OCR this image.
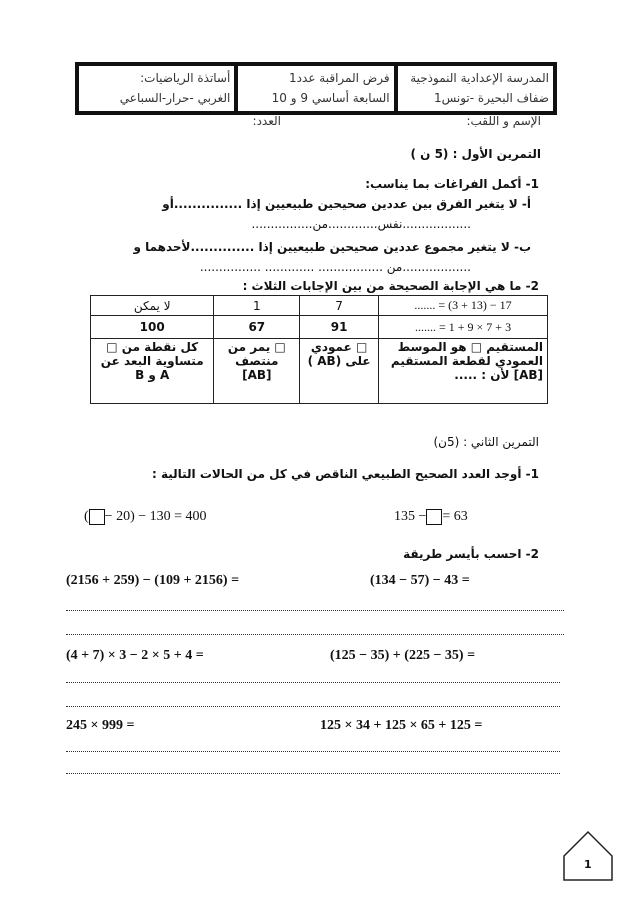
أساتذة الرياضيات:
الغربي -حرار-السباعي
فرض المراقبة عدد1
السابعة أساسي 9 و 10
المدرسة الإعدادية النموذجية
ضفاف البحيرة -تونس1
الإسم و اللقب:
العدد:
التمرين الأول : (5 ن )
1- أكمل الفراغات بما يناسب:
أ- لا يتغير الفرق بين عددين صحيحين طبيعيين إذا ...............أو
..................نفس.............من................
ب- لا يتغير مجموع عددين صحيحين طبيعيين إذا ..............لأحدهما و
..................من ................. ............. ................
2- ما هي الإجابة الصحيحة من بين الإجابات الثلاث :
17 − (13 + 3) = .......	7	1	لا يمكن
3 + 7 × 9 + 1 = .......	91	67	100
المستقيم □ هو الموسط العمودي لقطعة المستقيم [AB] لأن : .....	□ عمودي على (AB )	□ يمر من منتصف [AB]	كل نقطة من □ متساوية البعد عن A و B
التمرين الثاني : (5ن)
1- أوجد العدد الصحيح الطبيعي الناقص في كل من الحالات التالية :
135 − = 63
( − 20) − 130 = 400
2- احسب بأيسر طريقة
(134 − 57) − 43 =
(2156 + 259) − (109 + 2156) =
(125 − 35) + (225 − 35) =
(4 + 7) × 3 − 2 × 5 + 4 =
125 × 34 + 125 × 65 + 125 =
245 × 999 =
1
